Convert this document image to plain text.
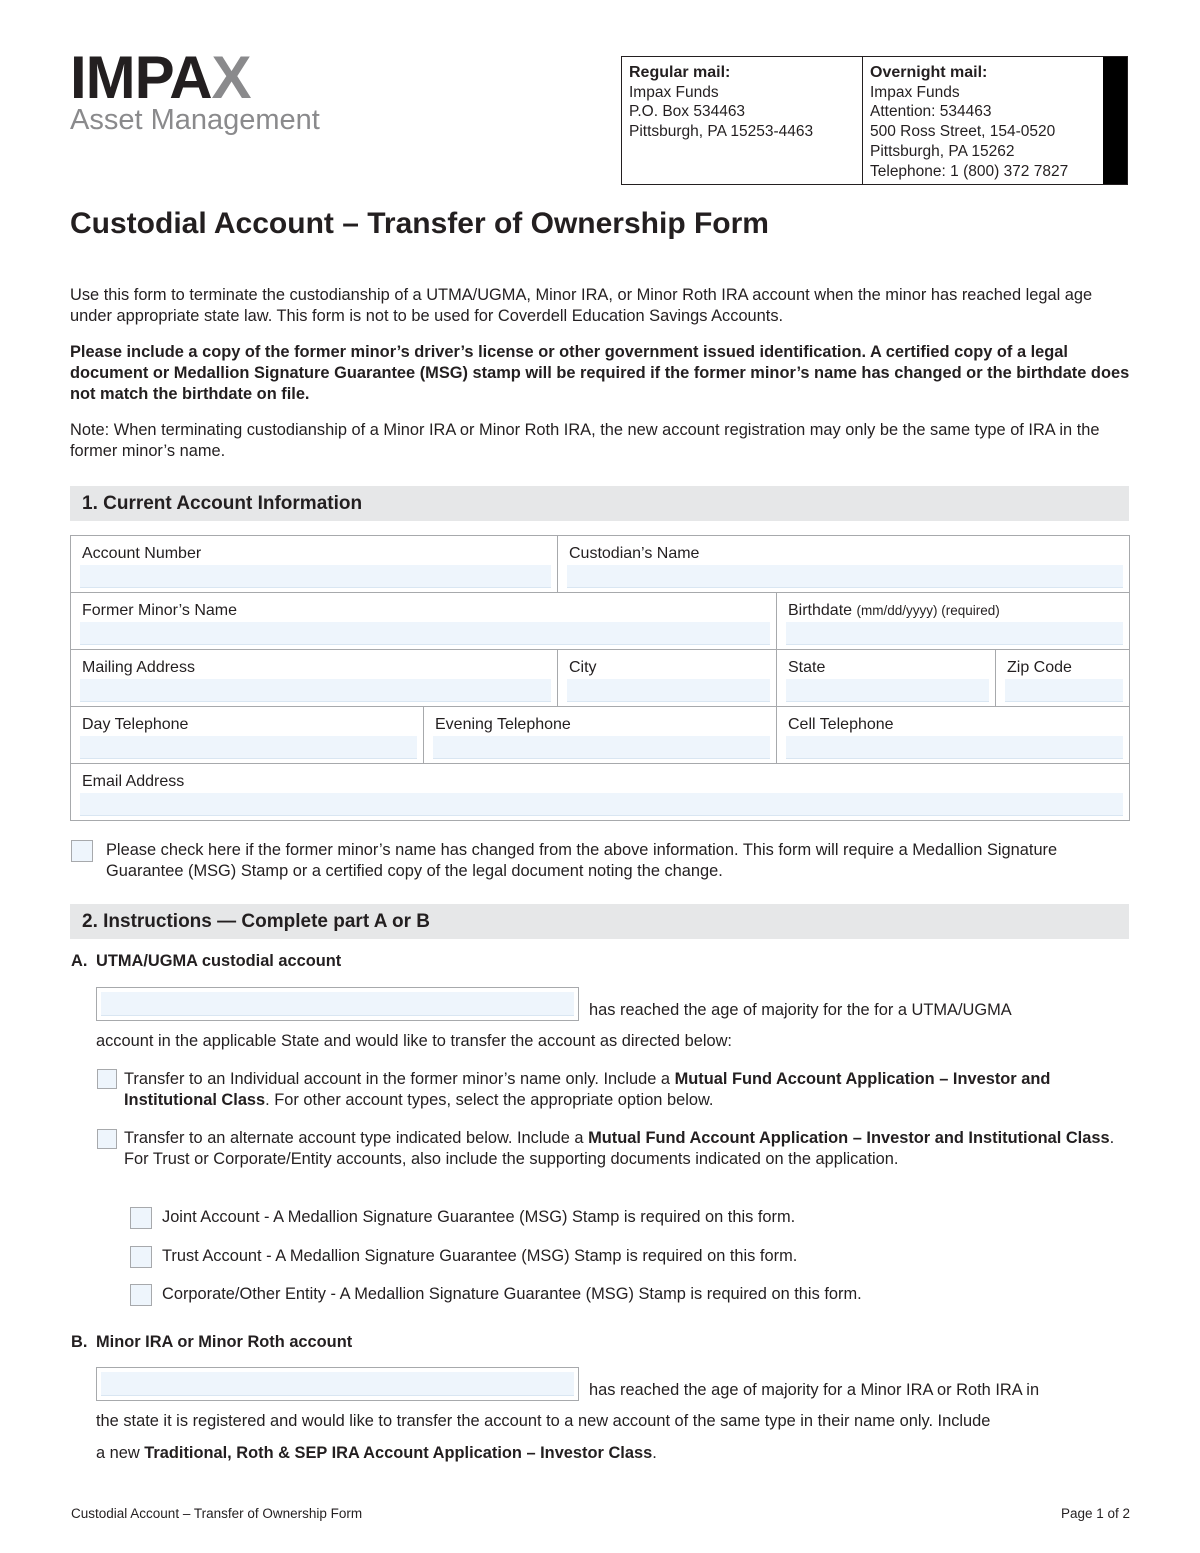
IMPAX
Asset Management
Regular mail:
Impax Funds
P.O. Box 534463
Pittsburgh, PA 15253-4463
Overnight mail:
Impax Funds
Attention: 534463
500 Ross Street, 154-0520
Pittsburgh, PA 15262
Telephone: 1 (800) 372 7827
Custodial Account – Transfer of Ownership Form
Use this form to terminate the custodianship of a UTMA/UGMA, Minor IRA, or Minor Roth IRA account when the minor has reached legal age under appropriate state law. This form is not to be used for Coverdell Education Savings Accounts.
Please include a copy of the former minor’s driver’s license or other government issued identification. A certified copy of a legal document or Medallion Signature Guarantee (MSG) stamp will be required if the former minor’s name has changed or the birthdate does not match the birthdate on file.
Note: When terminating custodianship of a Minor IRA or Minor Roth IRA, the new account registration may only be the same type of IRA in the former minor’s name.
1. Current Account Information
Account Number	Custodian’s Name
Former Minor’s Name	Birthdate (mm/dd/yyyy) (required)
Mailing Address	City	State	Zip Code
Day Telephone	Evening Telephone	Cell Telephone
Email Address
Please check here if the former minor’s name has changed from the above information. This form will require a Medallion Signature Guarantee (MSG) Stamp or a certified copy of the legal document noting the change.
2. Instructions — Complete part A or B
A. UTMA/UGMA custodial account
has reached the age of majority for the for a UTMA/UGMA
account in the applicable State and would like to transfer the account as directed below:
Transfer to an Individual account in the former minor’s name only. Include a Mutual Fund Account Application – Investor and Institutional Class. For other account types, select the appropriate option below.
Transfer to an alternate account type indicated below. Include a Mutual Fund Account Application – Investor and Institutional Class. For Trust or Corporate/Entity accounts, also include the supporting documents indicated on the application.
Joint Account - A Medallion Signature Guarantee (MSG) Stamp is required on this form.
Trust Account - A Medallion Signature Guarantee (MSG) Stamp is required on this form.
Corporate/Other Entity - A Medallion Signature Guarantee (MSG) Stamp is required on this form.
B. Minor IRA or Minor Roth account
has reached the age of majority for a Minor IRA or Roth IRA in
the state it is registered and would like to transfer the account to a new account of the same type in their name only. Include
a new Traditional, Roth & SEP IRA Account Application – Investor Class.
Custodial Account – Transfer of Ownership Form	Page 1 of 2
